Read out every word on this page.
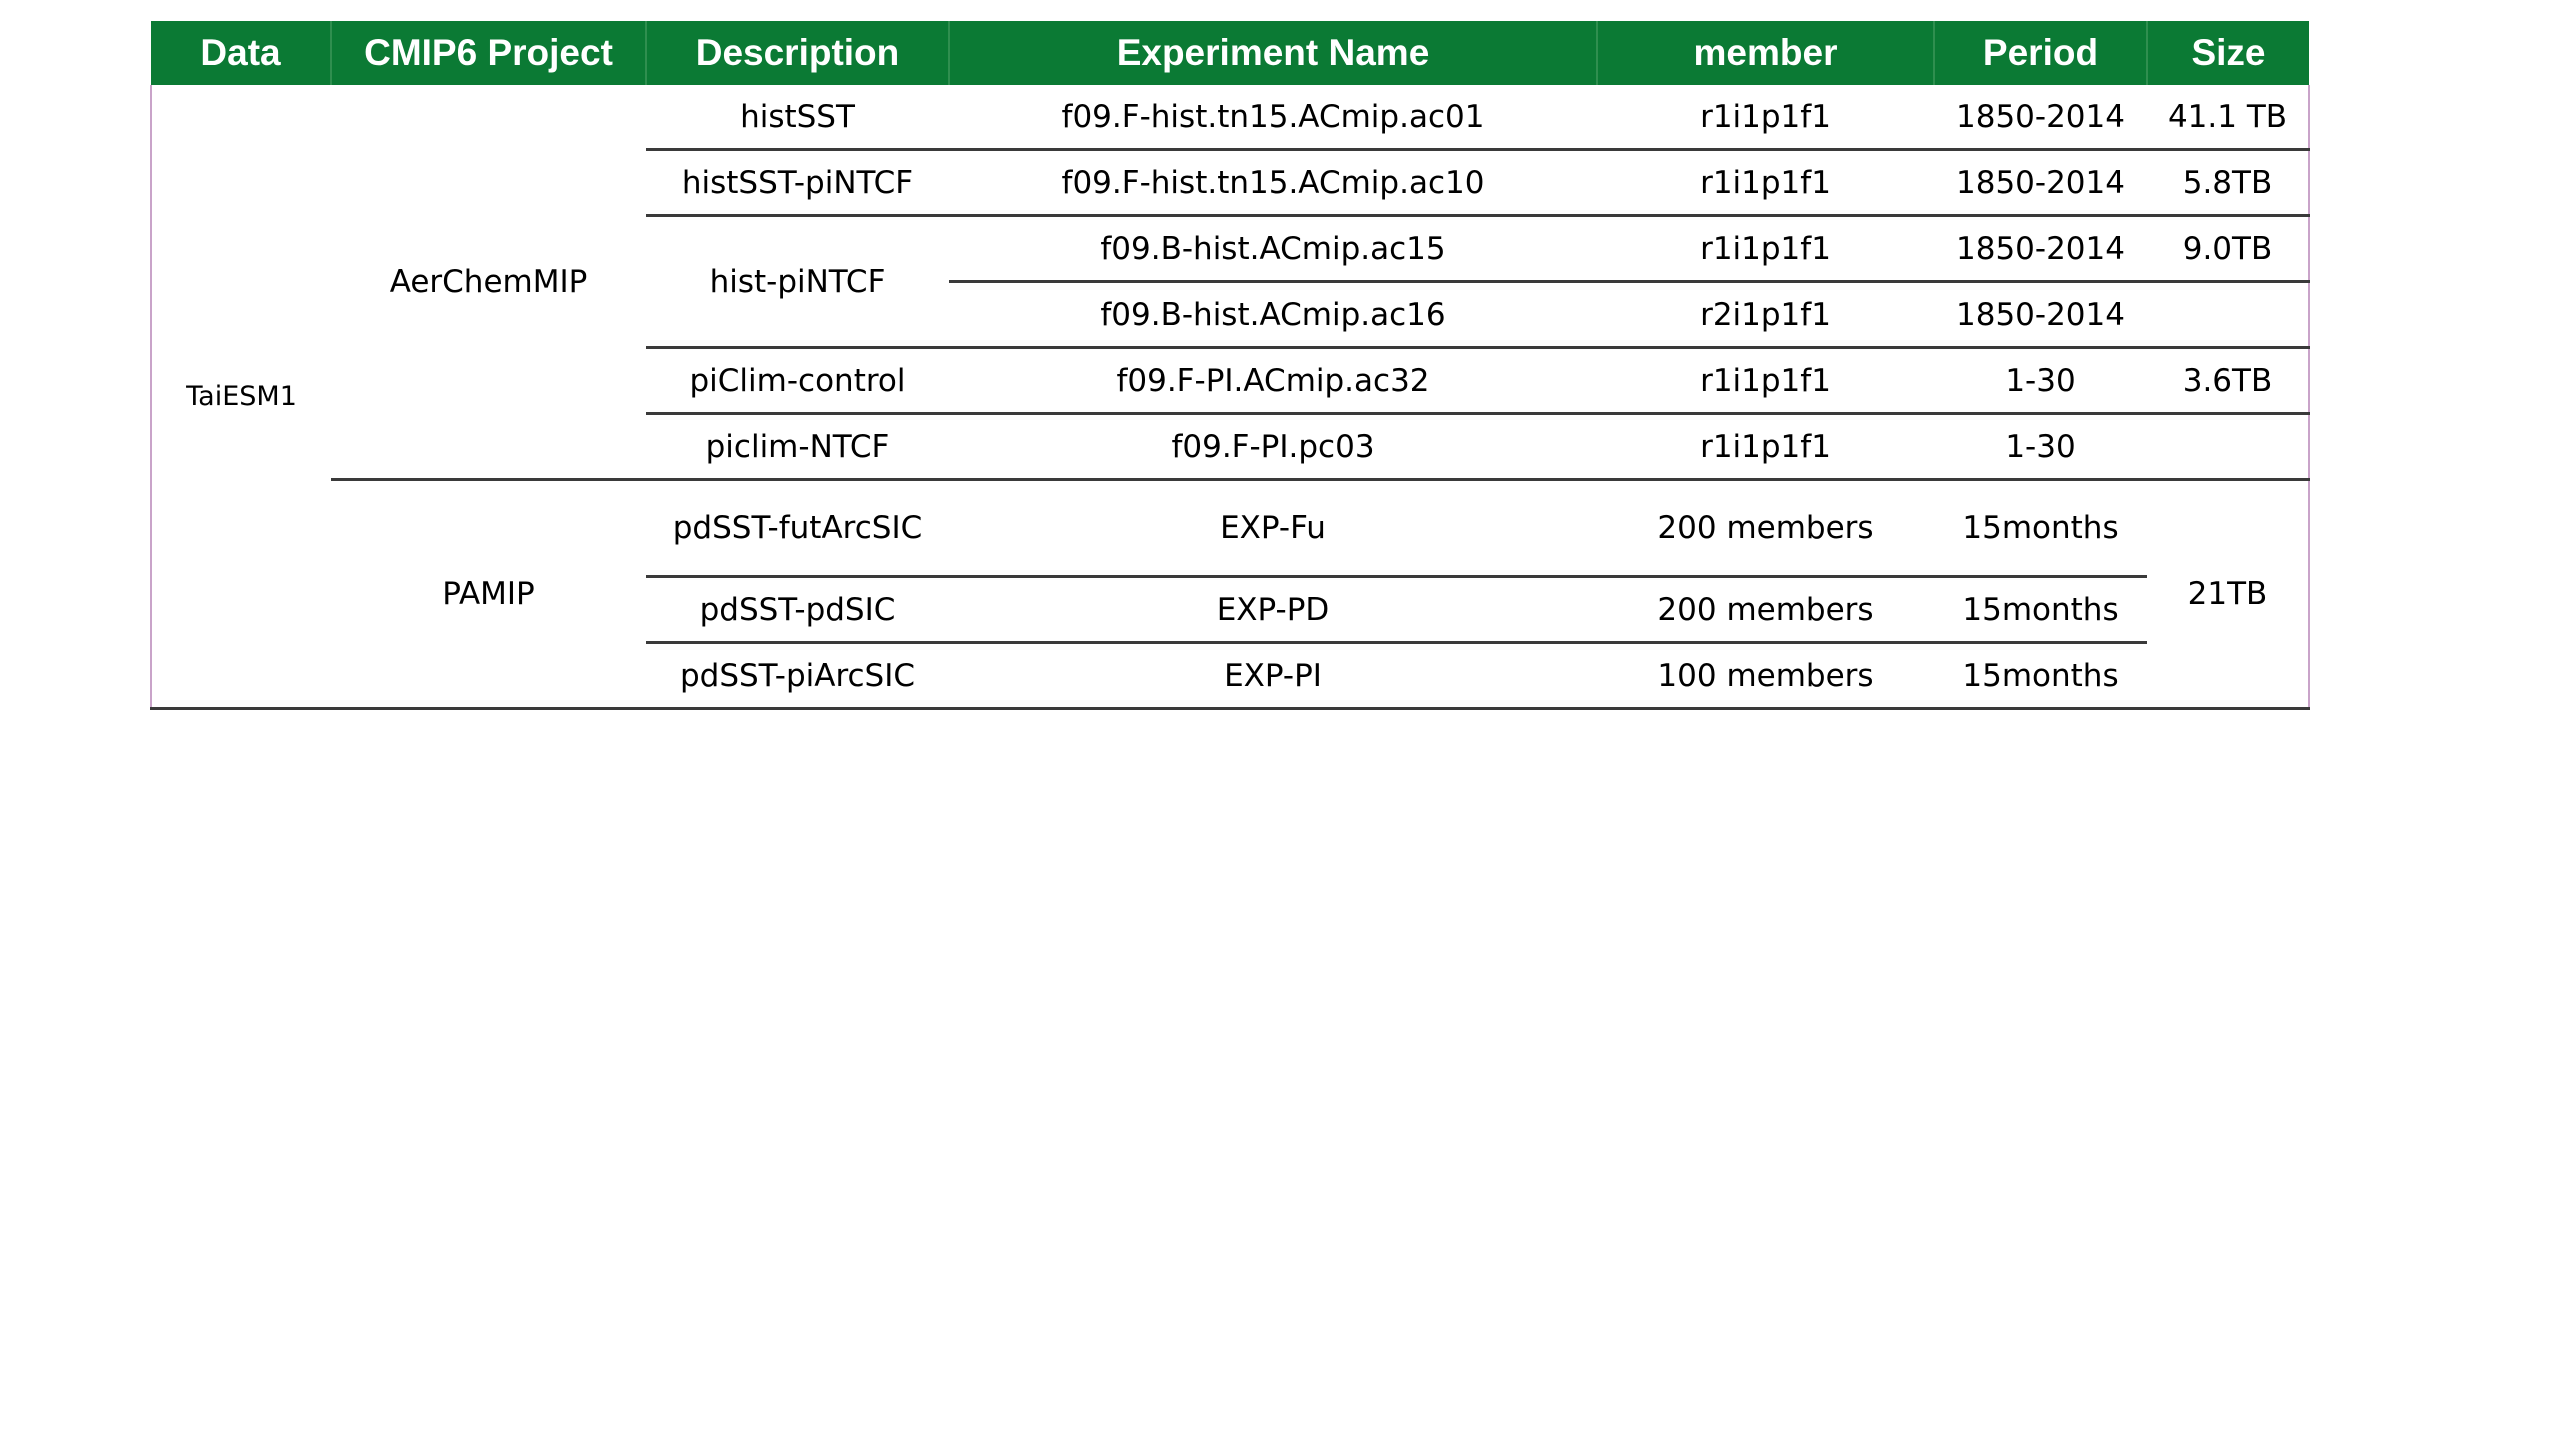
Data	CMIP6 Project	Description	Experiment Name	member	Period	Size
TaiESM1	AerChemMIP	histSST	f09.F-hist.tn15.ACmip.ac01	r1i1p1f1	1850-2014	41.1 TB
		histSST-piNTCF	f09.F-hist.tn15.ACmip.ac10	r1i1p1f1	1850-2014	5.8TB
		hist-piNTCF	f09.B-hist.ACmip.ac15	r1i1p1f1	1850-2014	9.0TB
			f09.B-hist.ACmip.ac16	r2i1p1f1	1850-2014	
		piClim-control	f09.F-PI.ACmip.ac32	r1i1p1f1	1-30	3.6TB
		piclim-NTCF	f09.F-PI.pc03	r1i1p1f1	1-30	
	PAMIP	pdSST-futArcSIC	EXP-Fu	200 members	15months	21TB
		pdSST-pdSIC	EXP-PD	200 members	15months	
		pdSST-piArcSIC	EXP-PI	100 members	15months	
